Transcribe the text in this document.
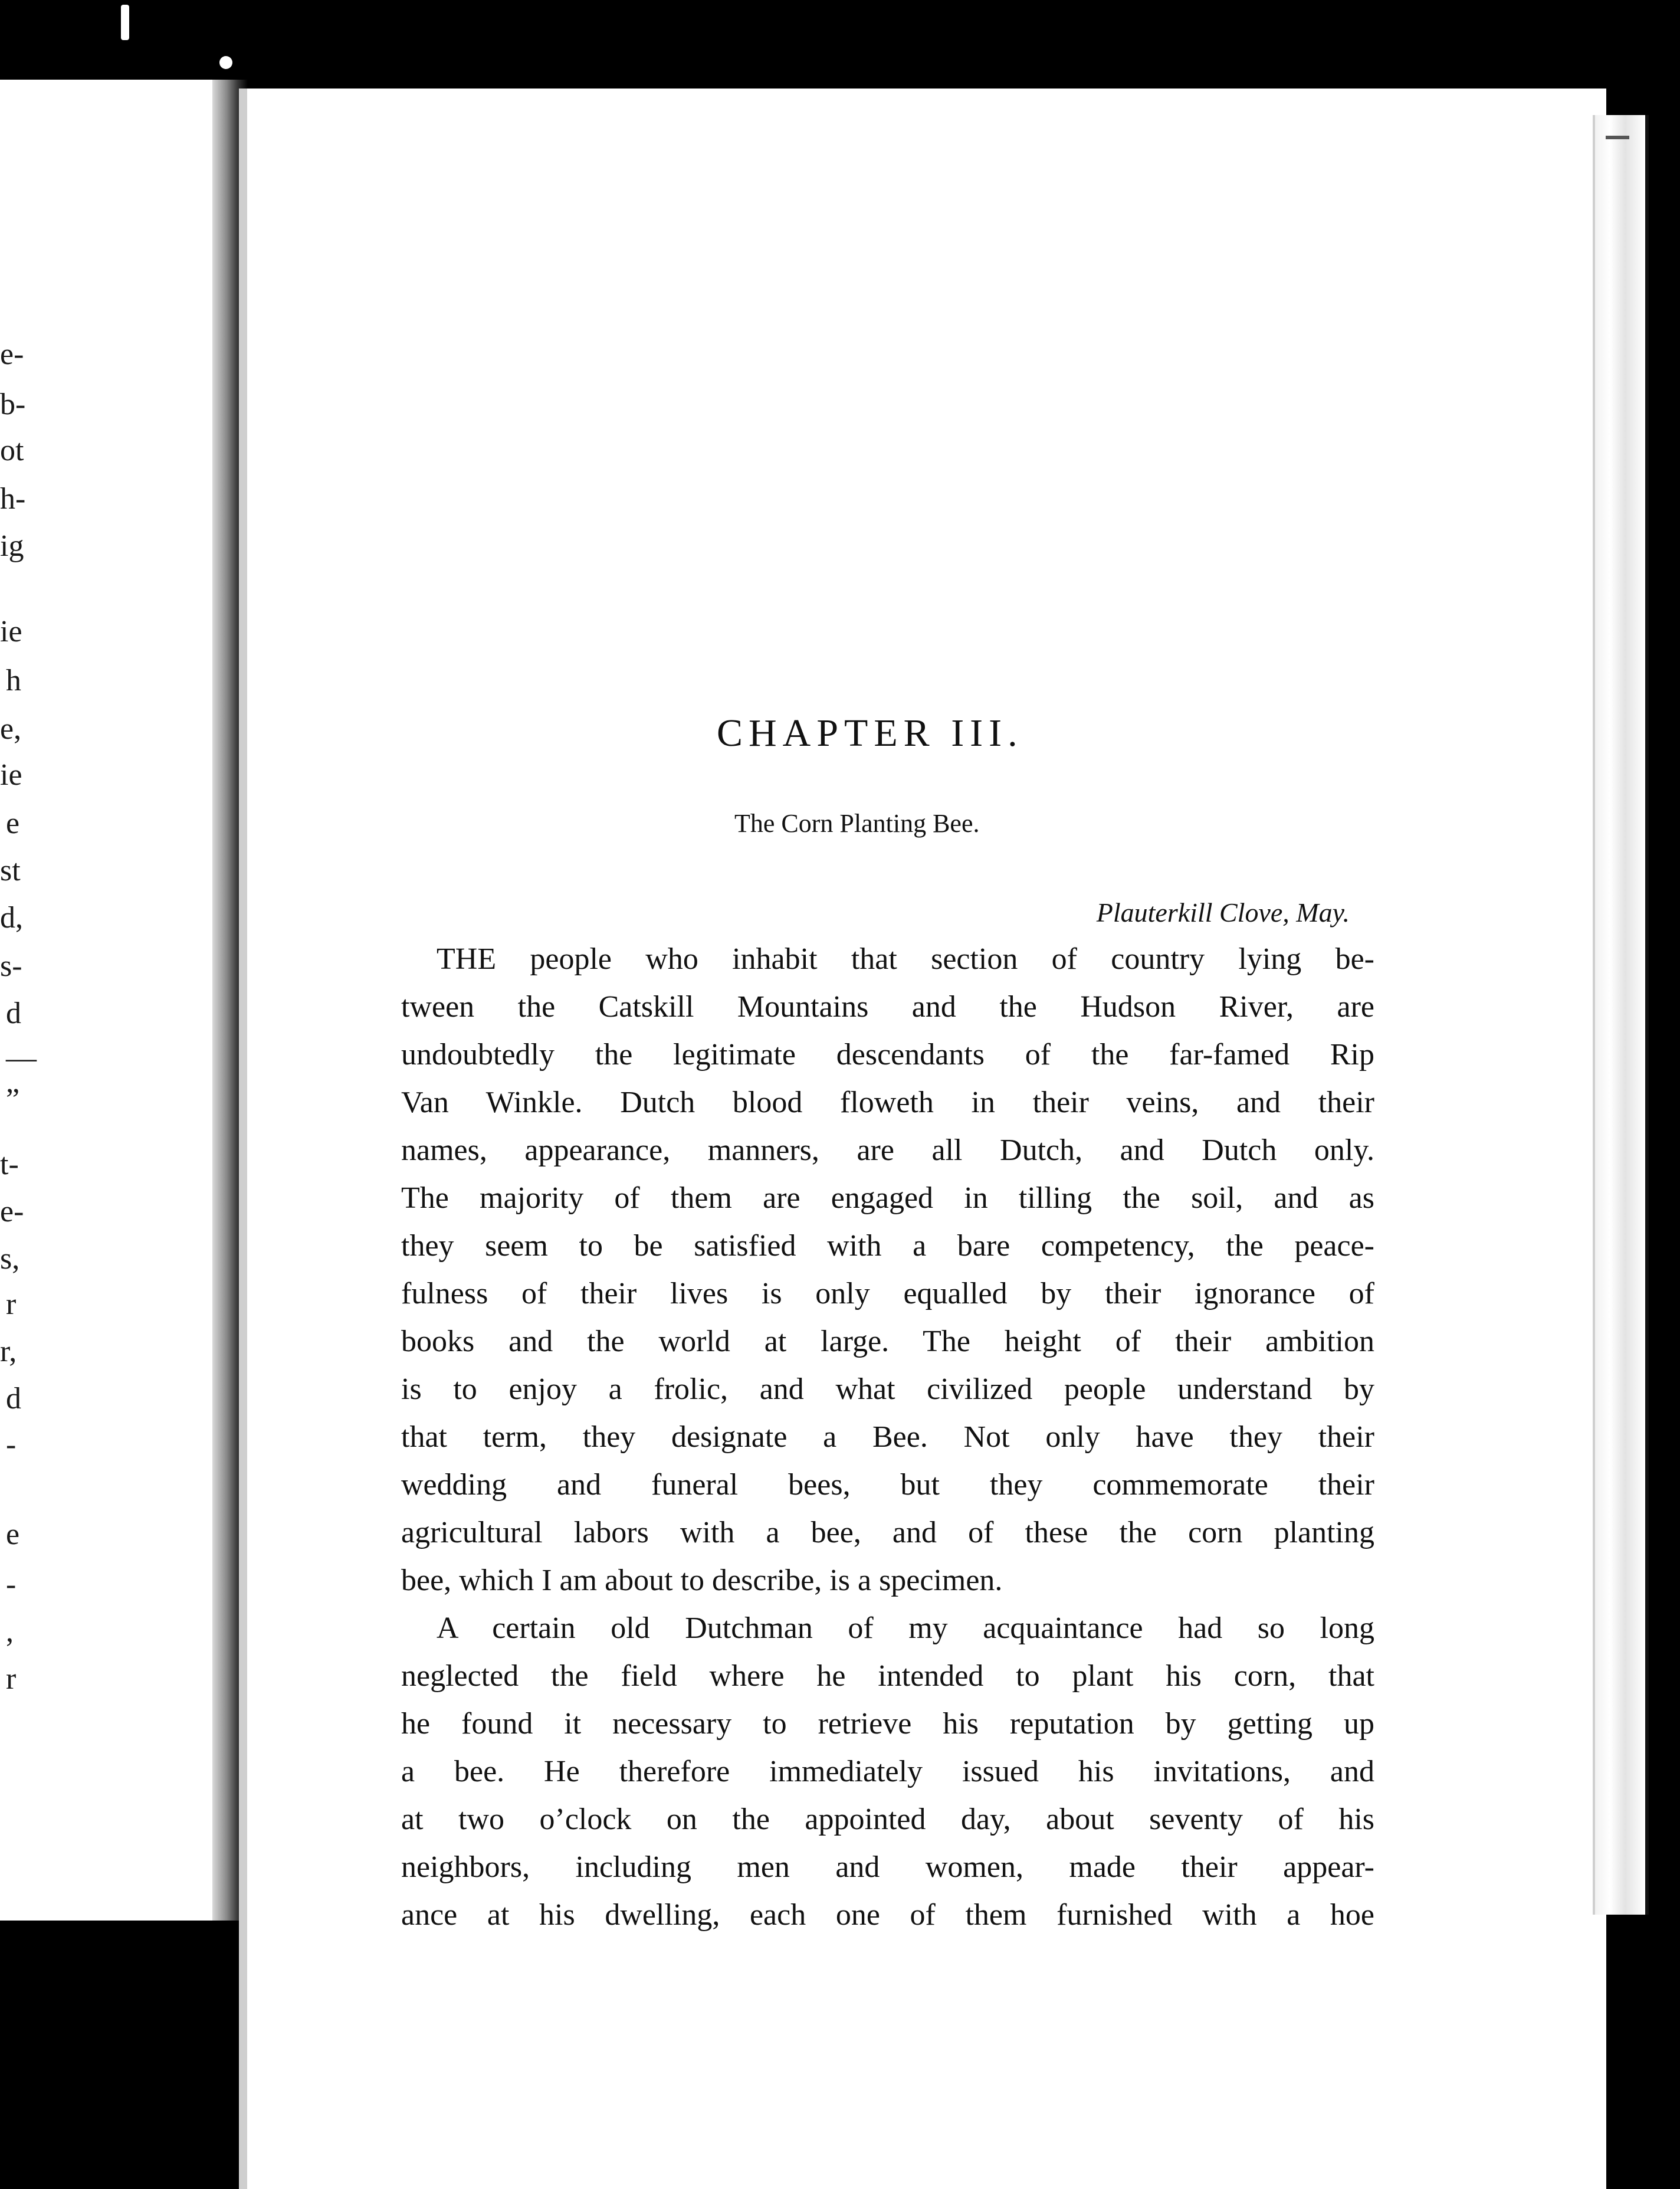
e-
b-
ot
h-
ig
ie
h
e,
ie
e
st
d,
s-
d
—
”
t-
e-
s,
r
r,
d
-
e
-
,
r
CHAPTER III.
The Corn Planting Bee.
Plauterkill Clove, May.
THE people who inhabit that section of country lying be-
tween the Catskill Mountains and the Hudson River, are
undoubtedly the legitimate descendants of the far-famed Rip
Van Winkle. Dutch blood floweth in their veins, and their
names, appearance, manners, are all Dutch, and Dutch only.
The majority of them are engaged in tilling the soil, and as
they seem to be satisfied with a bare competency, the peace-
fulness of their lives is only equalled by their ignorance of
books and the world at large. The height of their ambition
is to enjoy a frolic, and what civilized people understand by
that term, they designate a Bee. Not only have they their
wedding and funeral bees, but they commemorate their
agricultural labors with a bee, and of these the corn planting
bee, which I am about to describe, is a specimen.
A certain old Dutchman of my acquaintance had so long
neglected the field where he intended to plant his corn, that
he found it necessary to retrieve his reputation by getting up
a bee. He therefore immediately issued his invitations, and
at two o’clock on the appointed day, about seventy of his
neighbors, including men and women, made their appear-
ance at his dwelling, each one of them furnished with a hoe
